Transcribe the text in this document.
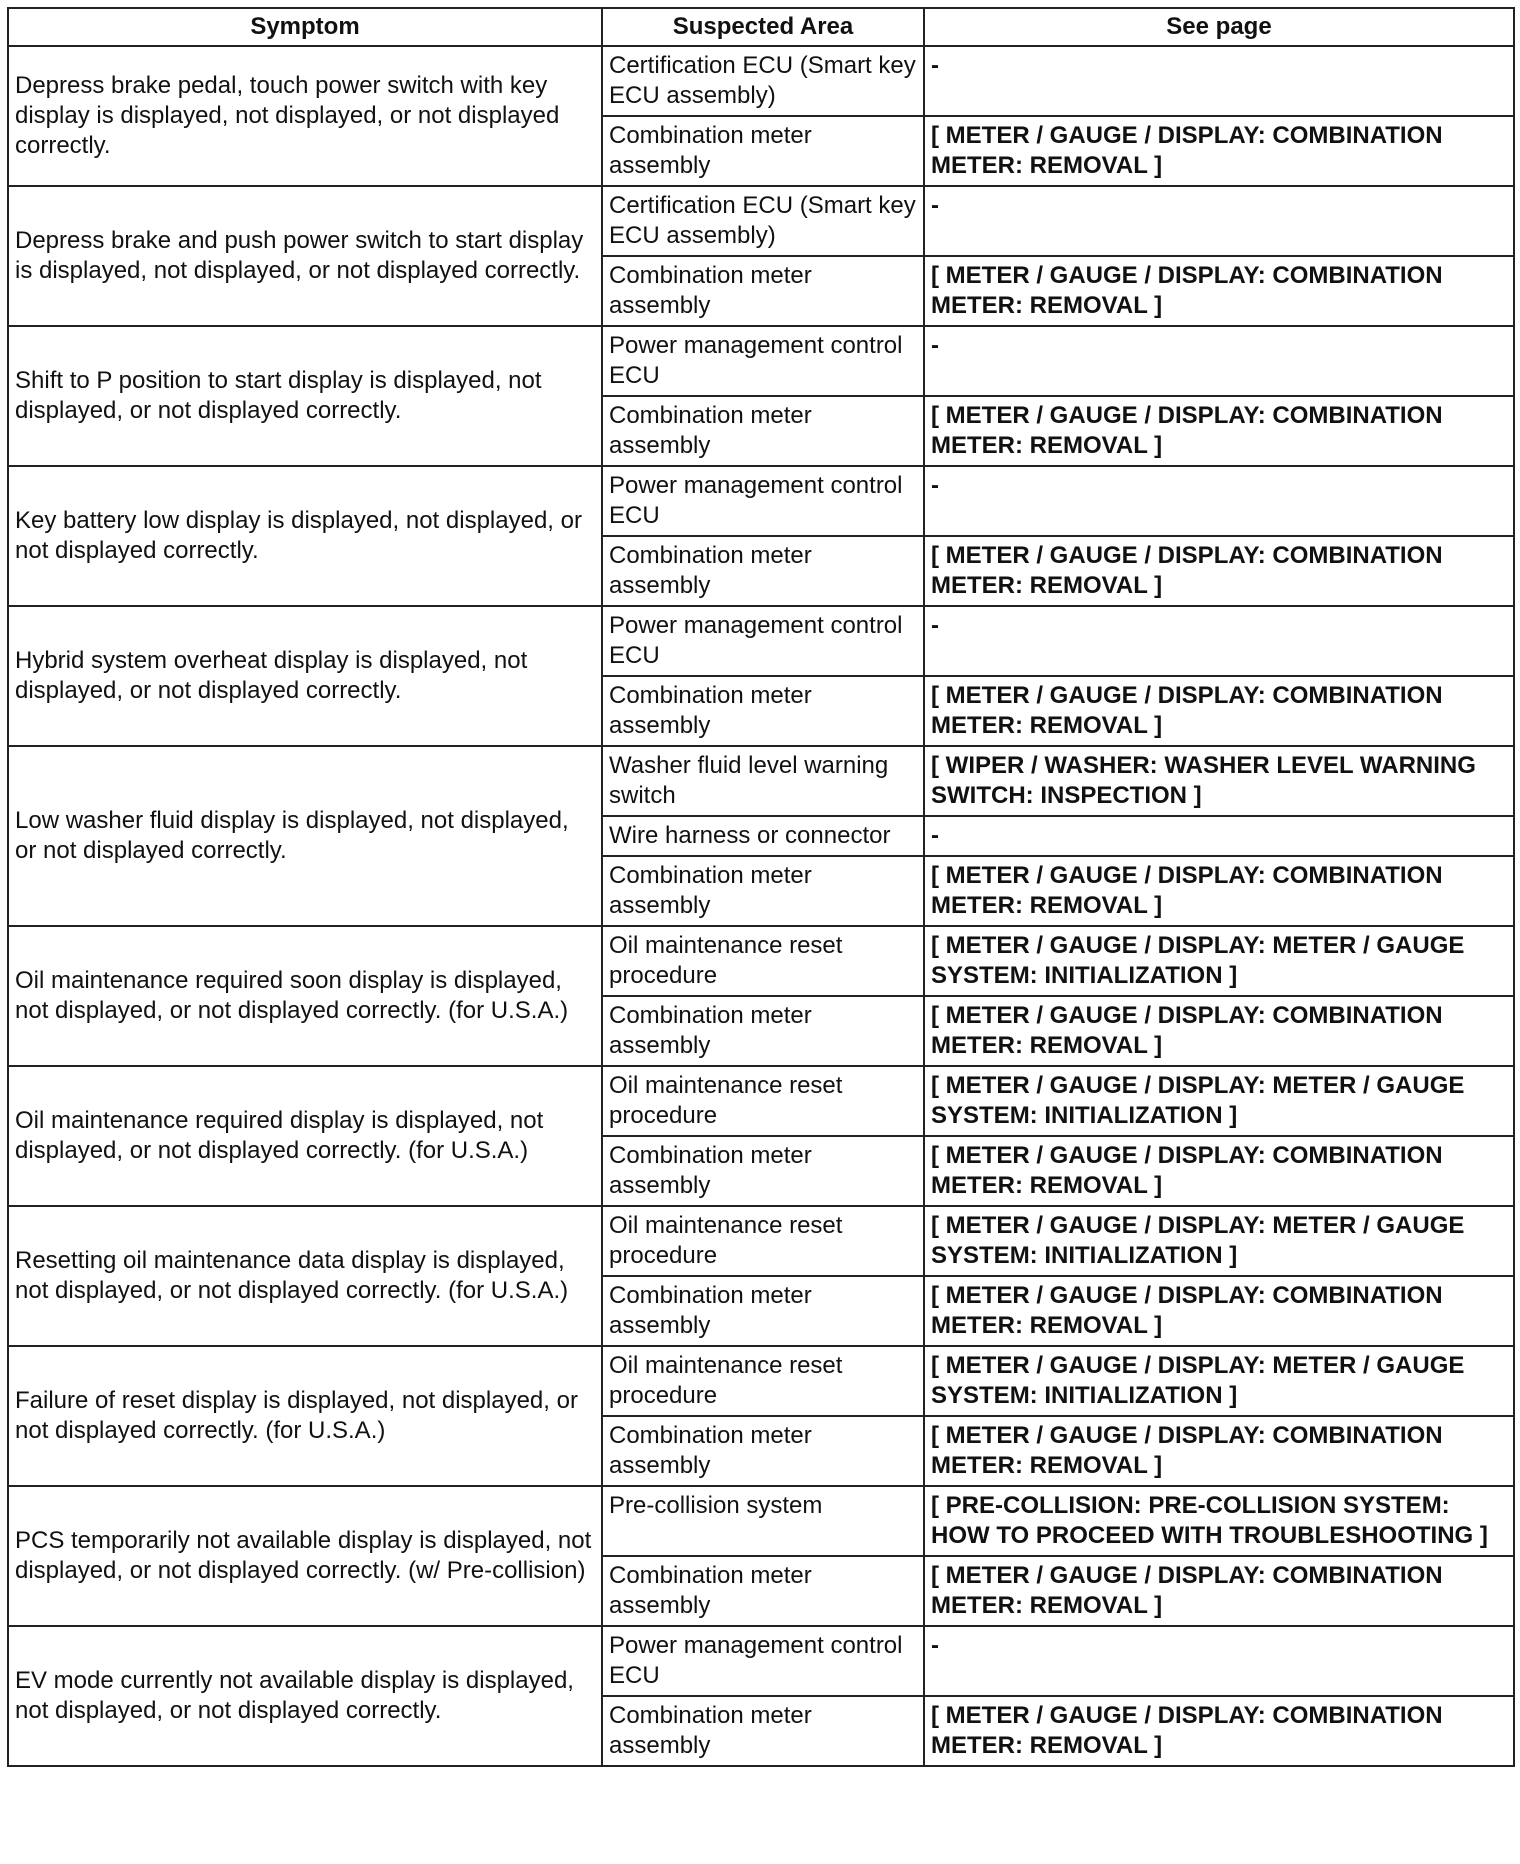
Symptom	Suspected Area	See page
Depress brake pedal, touch power switch with key display is displayed, not displayed, or not displayed correctly.	Certification ECU (Smart key ECU assembly)	-
	Combination meter assembly	[ METER / GAUGE / DISPLAY: COMBINATION METER: REMOVAL ]
Depress brake and push power switch to start display is displayed, not displayed, or not displayed correctly.	Certification ECU (Smart key ECU assembly)	-
	Combination meter assembly	[ METER / GAUGE / DISPLAY: COMBINATION METER: REMOVAL ]
Shift to P position to start display is displayed, not displayed, or not displayed correctly.	Power management control ECU	-
	Combination meter assembly	[ METER / GAUGE / DISPLAY: COMBINATION METER: REMOVAL ]
Key battery low display is displayed, not displayed, or not displayed correctly.	Power management control ECU	-
	Combination meter assembly	[ METER / GAUGE / DISPLAY: COMBINATION METER: REMOVAL ]
Hybrid system overheat display is displayed, not displayed, or not displayed correctly.	Power management control ECU	-
	Combination meter assembly	[ METER / GAUGE / DISPLAY: COMBINATION METER: REMOVAL ]
Low washer fluid display is displayed, not displayed, or not displayed correctly.	Washer fluid level warning switch	[ WIPER / WASHER: WASHER LEVEL WARNING SWITCH: INSPECTION ]
	Wire harness or connector	-
	Combination meter assembly	[ METER / GAUGE / DISPLAY: COMBINATION METER: REMOVAL ]
Oil maintenance required soon display is displayed, not displayed, or not displayed correctly. (for U.S.A.)	Oil maintenance reset procedure	[ METER / GAUGE / DISPLAY: METER / GAUGE SYSTEM: INITIALIZATION ]
	Combination meter assembly	[ METER / GAUGE / DISPLAY: COMBINATION METER: REMOVAL ]
Oil maintenance required display is displayed, not displayed, or not displayed correctly. (for U.S.A.)	Oil maintenance reset procedure	[ METER / GAUGE / DISPLAY: METER / GAUGE SYSTEM: INITIALIZATION ]
	Combination meter assembly	[ METER / GAUGE / DISPLAY: COMBINATION METER: REMOVAL ]
Resetting oil maintenance data display is displayed, not displayed, or not displayed correctly. (for U.S.A.)	Oil maintenance reset procedure	[ METER / GAUGE / DISPLAY: METER / GAUGE SYSTEM: INITIALIZATION ]
	Combination meter assembly	[ METER / GAUGE / DISPLAY: COMBINATION METER: REMOVAL ]
Failure of reset display is displayed, not displayed, or not displayed correctly. (for U.S.A.)	Oil maintenance reset procedure	[ METER / GAUGE / DISPLAY: METER / GAUGE SYSTEM: INITIALIZATION ]
	Combination meter assembly	[ METER / GAUGE / DISPLAY: COMBINATION METER: REMOVAL ]
PCS temporarily not available display is displayed, not displayed, or not displayed correctly. (w/ Pre-collision)	Pre-collision system	[ PRE-COLLISION: PRE-COLLISION SYSTEM: HOW TO PROCEED WITH TROUBLESHOOTING ]
	Combination meter assembly	[ METER / GAUGE / DISPLAY: COMBINATION METER: REMOVAL ]
EV mode currently not available display is displayed, not displayed, or not displayed correctly.	Power management control ECU	-
	Combination meter assembly	[ METER / GAUGE / DISPLAY: COMBINATION METER: REMOVAL ]
